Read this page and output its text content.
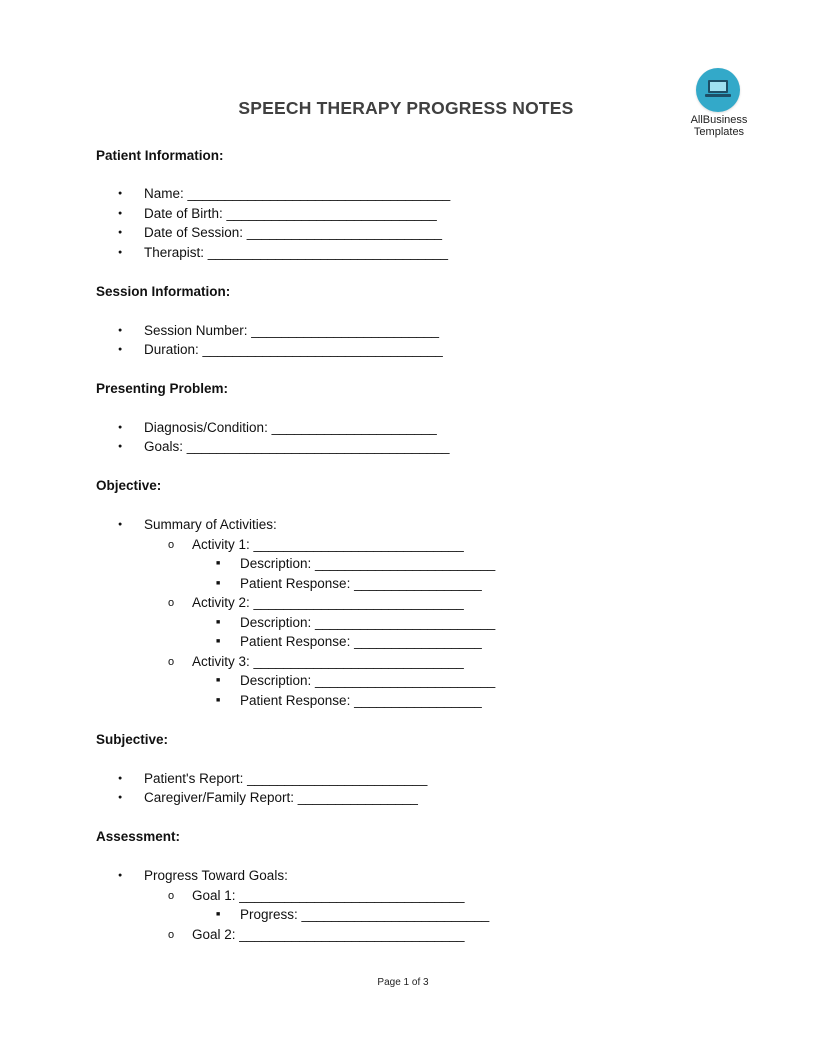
AllBusiness
Templates
SPEECH THERAPY PROGRESS NOTES
Patient Information:
●
Name: ___________________________________
●
Date of Birth: ____________________________
●
Date of Session: __________________________
●
Therapist: ________________________________
Session Information:
●
Session Number: _________________________
●
Duration: ________________________________
Presenting Problem:
●
Diagnosis/Condition: ______________________
●
Goals: ___________________________________
Objective:
●
Summary of Activities:
o
Activity 1: ____________________________
■
Description: ________________________
■
Patient Response: _________________
o
Activity 2: ____________________________
■
Description: ________________________
■
Patient Response: _________________
o
Activity 3: ____________________________
■
Description: ________________________
■
Patient Response: _________________
Subjective:
●
Patient's Report: ________________________
●
Caregiver/Family Report: ________________
Assessment:
●
Progress Toward Goals:
o
Goal 1: ______________________________
■
Progress: _________________________
o
Goal 2: ______________________________
Page 1 of 3
